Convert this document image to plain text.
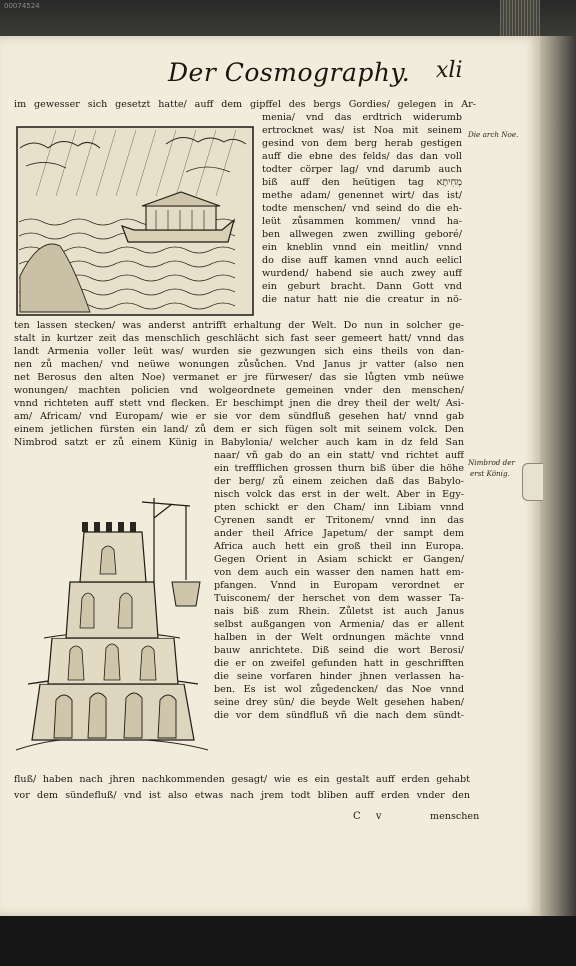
00074524
Der Cosmography. xli
im gewesser sich gesetzt hatte/ auff dem gipffel des bergs Gordies/ gelegen in Ar-
menia/ vnd das erdtrich widerumb
ertrocknet was/ ist Noa mit seinem
gesind von dem berg herab gestigen
auff die ebne des felds/ das dan voll
todter cörper lag/ vnd darumb auch
biß auff den heütigen tag מְחִיתָא
methe adam/ genennet wirt/ das ist/
todte menschen/ vnd seind do die eh-
leüt zůsammen kommen/ vnnd ha-
ben allwegen zwen zwilling geboré/
ein kneblin vnnd ein meitlin/ vnnd
do dise auff kamen vnnd auch eelicl
wurdend/ habend sie auch zwey auff
ein geburt bracht. Dann Gott vnd
die natur hatt nie die creatur in nö-
ten lassen stecken/ was anderst antrifft erhaltung der Welt. Do nun in solcher ge-
stalt in kurtzer zeit das menschlich geschlächt sich fast seer gemeert hatt/ vnnd das
landt Armenia voller leüt was/ wurden sie gezwungen sich eins theils von dan-
nen zů machen/ vnd neüwe wonungen zůsůchen. Vnd Janus jr vatter (also nen
net Berosus den alten Noe) vermanet er jre fürweser/ das sie lůgten vmb neüwe
wonungen/ machten policien vnd wolgeordnete gemeinen vnder den menschen/
vnnd richteten auff stett vnd flecken. Er beschimpt jnen die drey theil der welt/ Asi-
am/ Africam/ vnd Europam/ wie er sie vor dem sündfluß gesehen hat/ vnnd gab
einem jetlichen fürsten ein land/ zů dem er sich fügen solt mit seinem volck. Den
Nimbrod satzt er zů einem Künig in Babylonia/ welcher auch kam in dz feld San
naar/ vñ gab do an ein statt/ vnd richtet auff
ein treffflichen grossen thurn biß über die höhe
der berg/ zů einem zeichen daß das Babylo-
nisch volck das erst in der welt. Aber in Egy-
pten schickt er den Cham/ inn Libiam vnnd
Cyrenen sandt er Tritonem/ vnnd inn das
ander theil Africe Japetum/ der sampt dem
Africa auch hett ein groß theil inn Europa.
Gegen Orient in Asiam schickt er Gangen/
von dem auch ein wasser den namen hatt em-
pfangen. Vnnd in Europam verordnet er
Tuisconem/ der herschet von dem wasser Ta-
nais biß zum Rhein. Zůletst ist auch Janus
selbst außgangen von Armenia/ das er allent
halben in der Welt ordnungen mächte vnnd
bauw anrichtete. Diß seind die wort Berosi/
die er on zweifel gefunden hatt in geschrifften
die seine vorfaren hinder jhnen verlassen ha-
ben. Es ist wol zůgedencken/ das Noe vnnd
seine drey sün/ die beyde Welt gesehen haben/
die vor dem sündfluß vñ die nach dem sündt-
fluß/ haben nach jhren nachkommenden gesagt/ wie es ein gestalt auff erden gehabt
vor dem sündefluß/ vnd ist also etwas nach jrem todt bliben auff erden vnder den
Die arch Noe.
Nimbrod der
erst König.
C v	menschen
